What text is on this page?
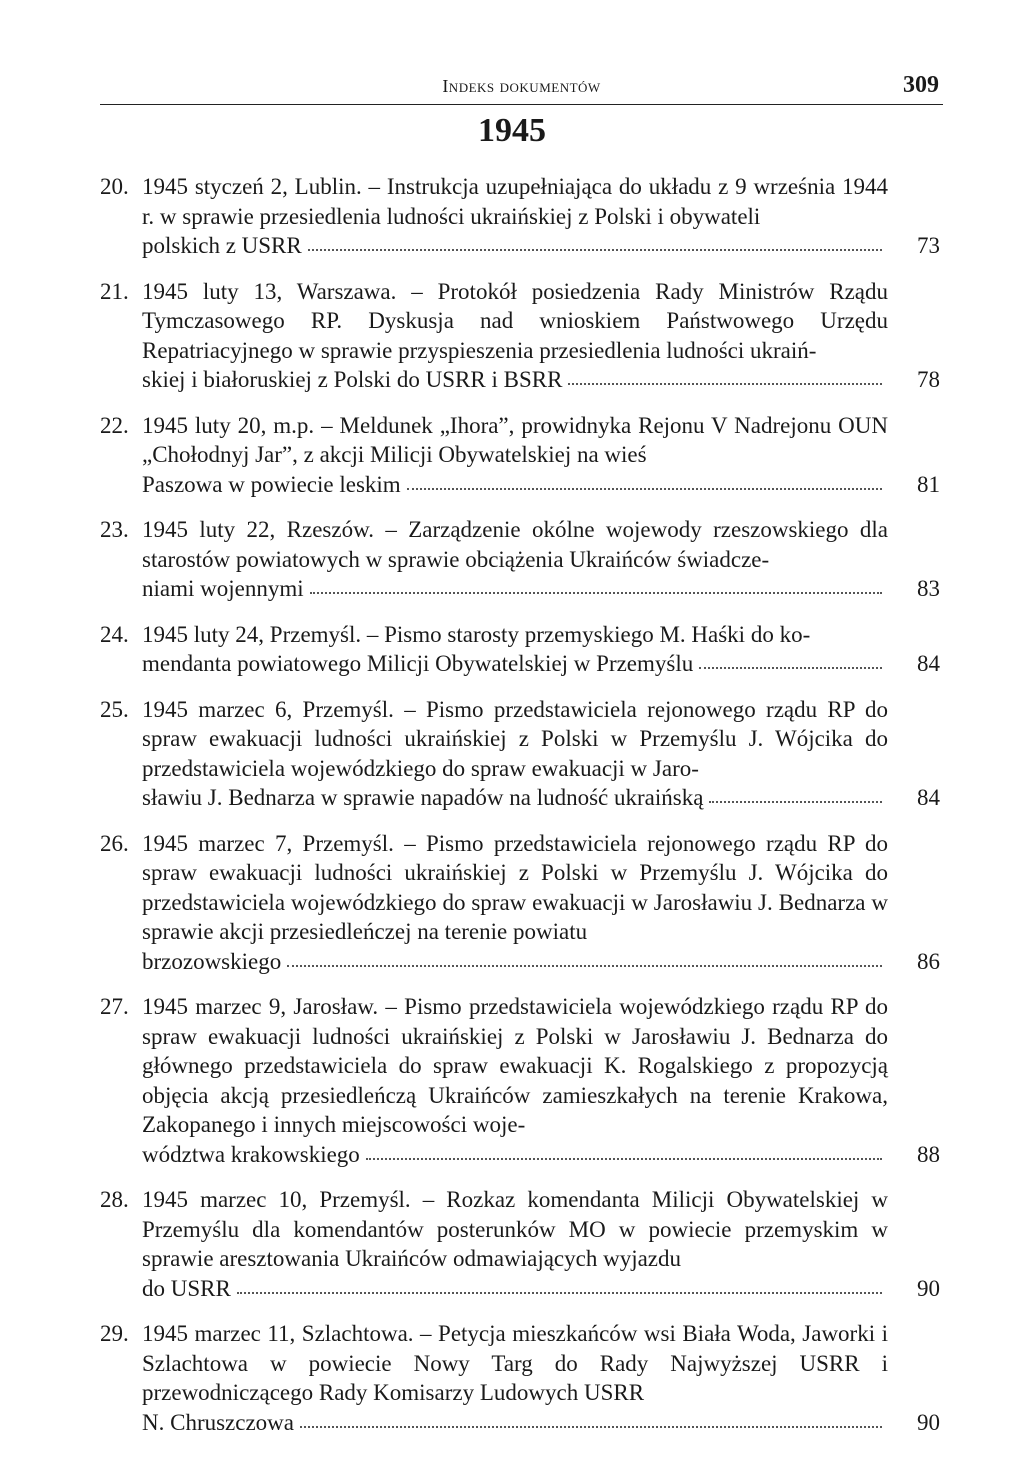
Indeks dokumentów	309
1945
20. 1945 styczeń 2, Lublin. – Instrukcja uzupełniająca do układu z 9 września 1944 r. w sprawie przesiedlenia ludności ukraińskiej z Polski i obywateli
polskich z USRR	73
21. 1945 luty 13, Warszawa. – Protokół posiedzenia Rady Ministrów Rządu Tymczasowego RP. Dyskusja nad wnioskiem Państwowego Urzędu Repatriacyjnego w sprawie przyspieszenia przesiedlenia ludności ukraiń-
skiej i białoruskiej z Polski do USRR i BSRR	78
22. 1945 luty 20, m.p. – Meldunek „Ihora”, prowidnyka Rejonu V Nadrejonu OUN „Chołodnyj Jar”, z akcji Milicji Obywatelskiej na wieś
Paszowa w powiecie leskim	81
23. 1945 luty 22, Rzeszów. – Zarządzenie okólne wojewody rzeszowskiego dla starostów powiatowych w sprawie obciążenia Ukraińców świadcze-
niami wojennymi	83
24. 1945 luty 24, Przemyśl. – Pismo starosty przemyskiego M. Haśki do ko-
mendanta powiatowego Milicji Obywatelskiej w Przemyślu	84
25. 1945 marzec 6, Przemyśl. – Pismo przedstawiciela rejonowego rządu RP do spraw ewakuacji ludności ukraińskiej z Polski w Przemyślu J. Wójcika do przedstawiciela wojewódzkiego do spraw ewakuacji w Jaro-
sławiu J. Bednarza w sprawie napadów na ludność ukraińską	84
26. 1945 marzec 7, Przemyśl. – Pismo przedstawiciela rejonowego rządu RP do spraw ewakuacji ludności ukraińskiej z Polski w Przemyślu J. Wójcika do przedstawiciela wojewódzkiego do spraw ewakuacji w Jarosławiu J. Bednarza w sprawie akcji przesiedleńczej na terenie powiatu
brzozowskiego	86
27. 1945 marzec 9, Jarosław. – Pismo przedstawiciela wojewódzkiego rządu RP do spraw ewakuacji ludności ukraińskiej z Polski w Jarosławiu J. Bednarza do głównego przedstawiciela do spraw ewakuacji K. Rogalskiego z propozycją objęcia akcją przesiedleńczą Ukraińców zamieszkałych na terenie Krakowa, Zakopanego i innych miejscowości woje-
wództwa krakowskiego	88
28. 1945 marzec 10, Przemyśl. – Rozkaz komendanta Milicji Obywatelskiej w Przemyślu dla komendantów posterunków MO w powiecie przemyskim w sprawie aresztowania Ukraińców odmawiających wyjazdu
do USRR	90
29. 1945 marzec 11, Szlachtowa. – Petycja mieszkańców wsi Biała Woda, Jaworki i Szlachtowa w powiecie Nowy Targ do Rady Najwyższej USRR i przewodniczącego Rady Komisarzy Ludowych USRR
N. Chruszczowa	90
